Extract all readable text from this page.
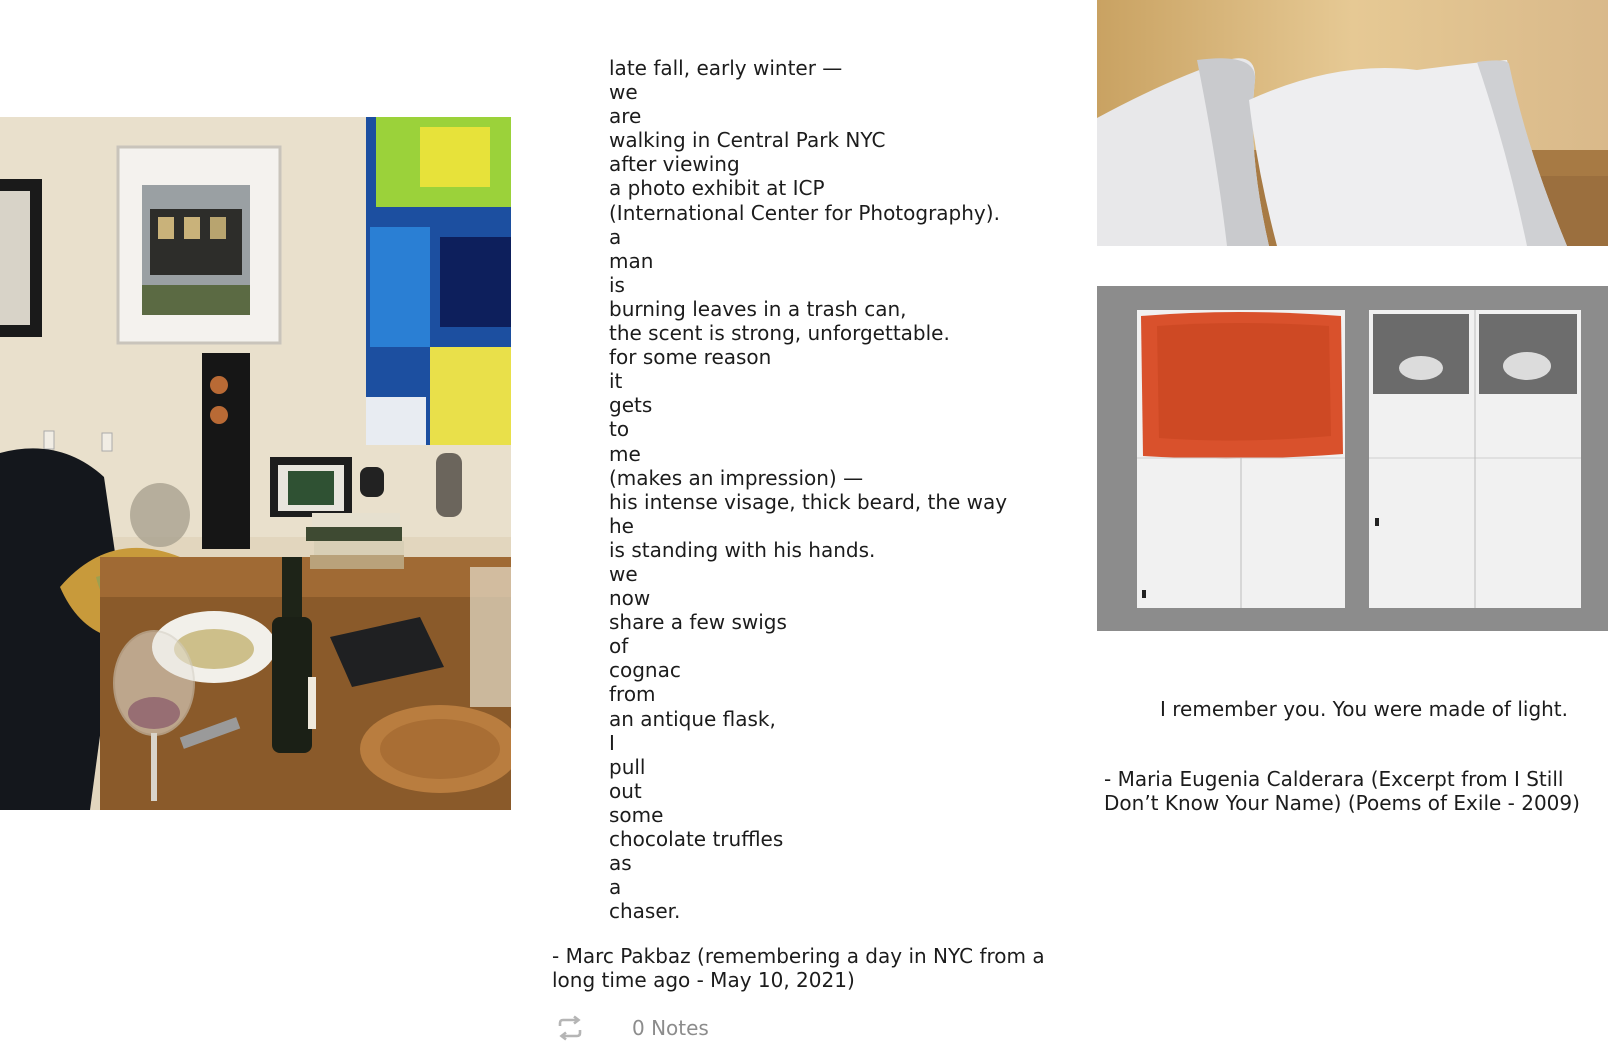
late fall, early winter —
we
are
walking in Central Park NYC
after viewing
a photo exhibit at ICP
(International Center for Photography).
a
man
is
burning leaves in a trash can,
the scent is strong, unforgettable.
for some reason
it
gets
to
me
(makes an impression) —
his intense visage, thick beard, the way
he
is standing with his hands.
we
now
share a few swigs
of
cognac
from
an antique flask,
I
pull
out
some
chocolate truffles
as
a
chaser.
- Marc Pakbaz (remembering a day in NYC from a long time ago - May 10, 2021)
0 Notes
I remember you. You were made of light.
- Maria Eugenia Calderara (Excerpt from I Still Don’t Know Your Name) (Poems of Exile - 2009)
